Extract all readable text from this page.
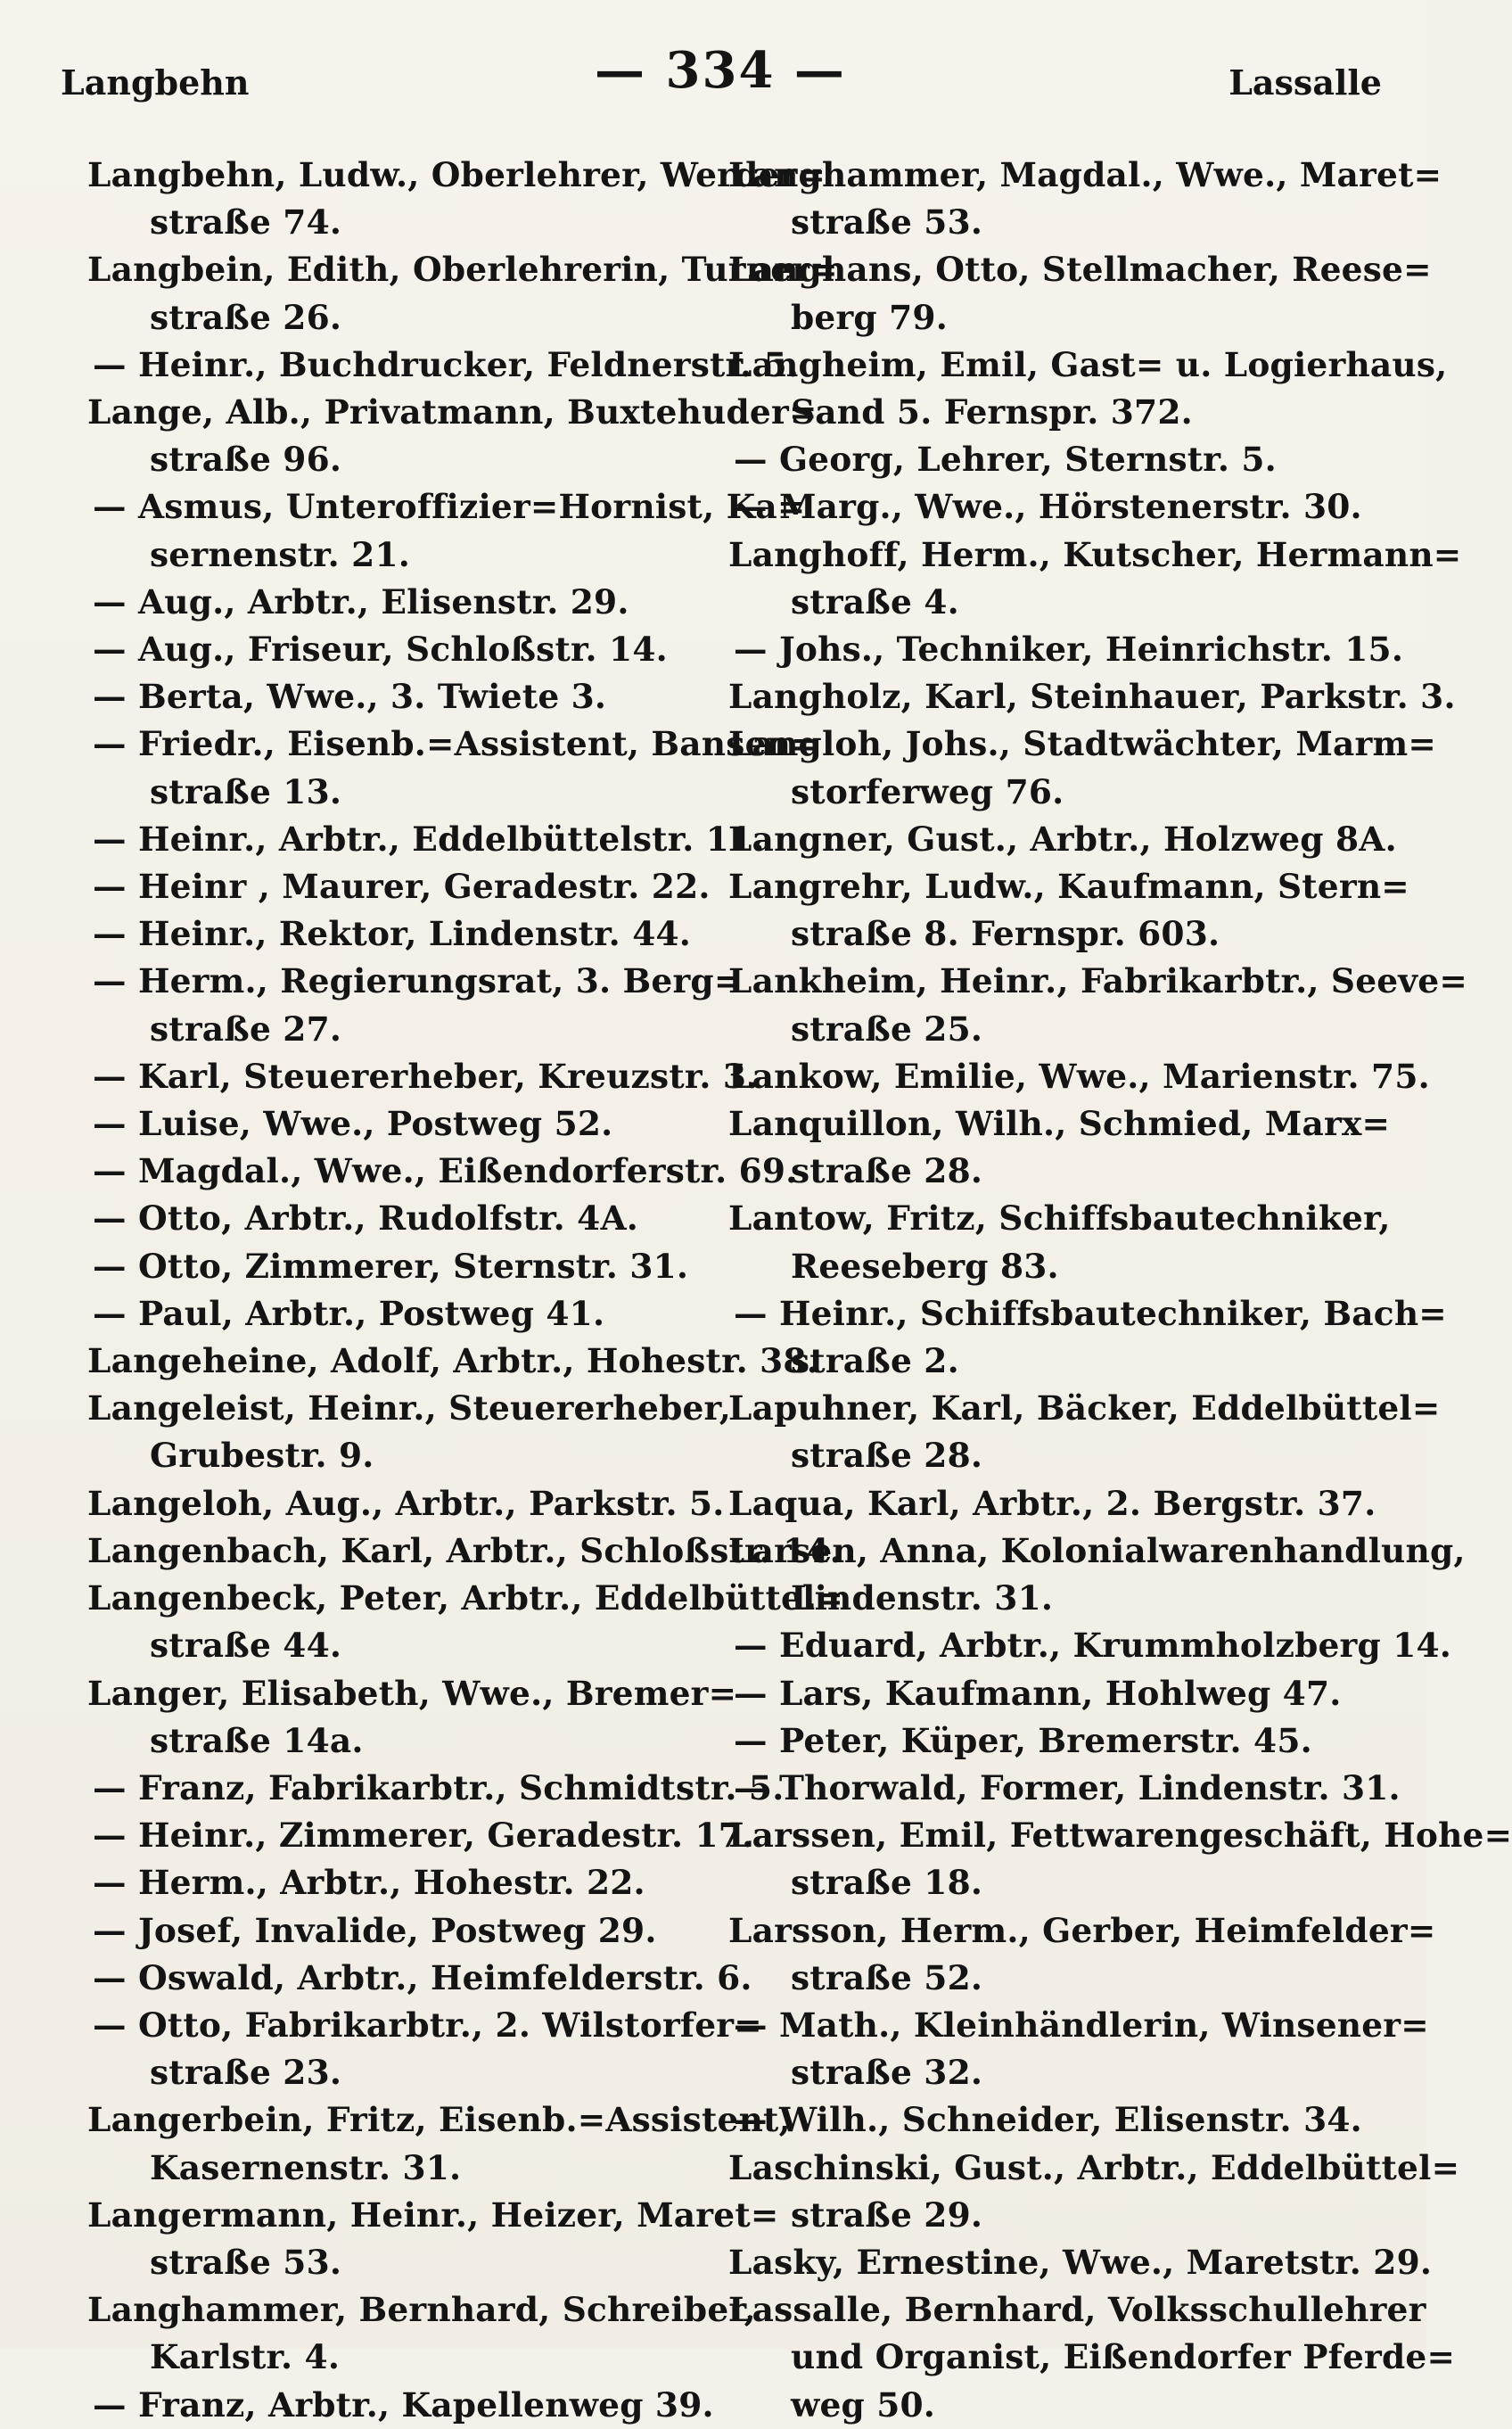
Langbehn	— 334 —	Lassalle
Langbehn, Ludw., Oberlehrer, Werder=
straße 74.
Langbein, Edith, Oberlehrerin, Turner=
straße 26.
— Heinr., Buchdrucker, Feldnerstr. 5.
Lange, Alb., Privatmann, Buxtehuder=
straße 96.
— Asmus, Unteroffizier=Hornist, Ka=
sernenstr. 21.
— Aug., Arbtr., Elisenstr. 29.
— Aug., Friseur, Schloßstr. 14.
— Berta, Wwe., 3. Twiete 3.
— Friedr., Eisenb.=Assistent, Bansen=
straße 13.
— Heinr., Arbtr., Eddelbüttelstr. 11.
— Heinr , Maurer, Geradestr. 22.
— Heinr., Rektor, Lindenstr. 44.
— Herm., Regierungsrat, 3. Berg=
straße 27.
— Karl, Steuererheber, Kreuzstr. 3.
— Luise, Wwe., Postweg 52.
— Magdal., Wwe., Eißendorferstr. 69.
— Otto, Arbtr., Rudolfstr. 4A.
— Otto, Zimmerer, Sternstr. 31.
— Paul, Arbtr., Postweg 41.
Langeheine, Adolf, Arbtr., Hohestr. 38.
Langeleist, Heinr., Steuererheber,
Grubestr. 9.
Langeloh, Aug., Arbtr., Parkstr. 5.
Langenbach, Karl, Arbtr., Schloßstr. 14.
Langenbeck, Peter, Arbtr., Eddelbüttel=
straße 44.
Langer, Elisabeth, Wwe., Bremer=
straße 14a.
— Franz, Fabrikarbtr., Schmidtstr. 5.
— Heinr., Zimmerer, Geradestr. 17.
— Herm., Arbtr., Hohestr. 22.
— Josef, Invalide, Postweg 29.
— Oswald, Arbtr., Heimfelderstr. 6.
— Otto, Fabrikarbtr., 2. Wilstorfer=
straße 23.
Langerbein, Fritz, Eisenb.=Assistent,
Kasernenstr. 31.
Langermann, Heinr., Heizer, Maret=
straße 53.
Langhammer, Bernhard, Schreiber,
Karlstr. 4.
— Franz, Arbtr., Kapellenweg 39.
Langhammer, Magdal., Wwe., Maret=
straße 53.
Langhans, Otto, Stellmacher, Reese=
berg 79.
Langheim, Emil, Gast= u. Logierhaus,
Sand 5. Fernspr. 372.
— Georg, Lehrer, Sternstr. 5.
— Marg., Wwe., Hörstenerstr. 30.
Langhoff, Herm., Kutscher, Hermann=
straße 4.
— Johs., Techniker, Heinrichstr. 15.
Langholz, Karl, Steinhauer, Parkstr. 3.
Langloh, Johs., Stadtwächter, Marm=
storferweg 76.
Langner, Gust., Arbtr., Holzweg 8A.
Langrehr, Ludw., Kaufmann, Stern=
straße 8. Fernspr. 603.
Lankheim, Heinr., Fabrikarbtr., Seeve=
straße 25.
Lankow, Emilie, Wwe., Marienstr. 75.
Lanquillon, Wilh., Schmied, Marx=
straße 28.
Lantow, Fritz, Schiffsbautechniker,
Reeseberg 83.
— Heinr., Schiffsbautechniker, Bach=
straße 2.
Lapuhner, Karl, Bäcker, Eddelbüttel=
straße 28.
Laqua, Karl, Arbtr., 2. Bergstr. 37.
Larsen, Anna, Kolonialwarenhandlung,
Lindenstr. 31.
— Eduard, Arbtr., Krummholzberg 14.
— Lars, Kaufmann, Hohlweg 47.
— Peter, Küper, Bremerstr. 45.
— Thorwald, Former, Lindenstr. 31.
Larssen, Emil, Fettwarengeschäft, Hohe=
straße 18.
Larsson, Herm., Gerber, Heimfelder=
straße 52.
— Math., Kleinhändlerin, Winsener=
straße 32.
— Wilh., Schneider, Elisenstr. 34.
Laschinski, Gust., Arbtr., Eddelbüttel=
straße 29.
Lasky, Ernestine, Wwe., Maretstr. 29.
Lassalle, Bernhard, Volksschullehrer
und Organist, Eißendorfer Pferde=
weg 50.
